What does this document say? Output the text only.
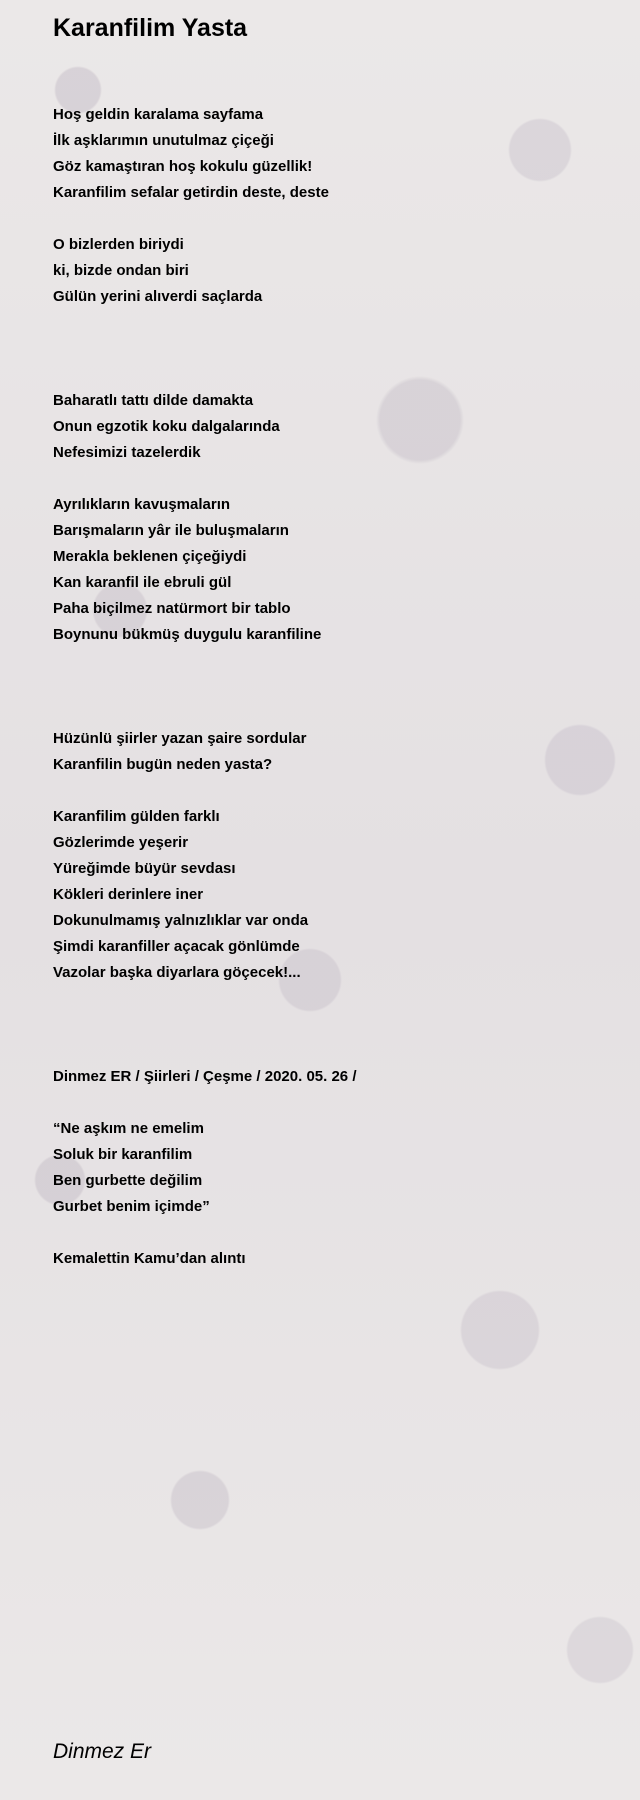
Karanfilim Yasta
Hoş geldin karalama sayfama
İlk aşklarımın unutulmaz çiçeği
Göz kamaştıran hoş kokulu güzellik!
Karanfilim sefalar getirdin deste, deste
O bizlerden biriydi
ki, bizde ondan biri
Gülün yerini alıverdi saçlarda
Baharatlı tattı dilde damakta
Onun egzotik koku dalgalarında
Nefesimizi tazelerdik
Ayrılıkların kavuşmaların
Barışmaların yâr ile buluşmaların
Merakla beklenen çiçeğiydi
Kan karanfil ile ebruli gül
Paha biçilmez natürmort bir tablo
Boynunu bükmüş duygulu karanfiline
Hüzünlü şiirler yazan şaire sordular
Karanfilin bugün neden yasta?
Karanfilim gülden farklı
Gözlerimde yeşerir
Yüreğimde büyür sevdası
Kökleri derinlere iner
Dokunulmamış yalnızlıklar var onda
Şimdi karanfiller açacak gönlümde
Vazolar başka diyarlara göçecek!...
Dinmez ER / Şiirleri / Çeşme / 2020. 05. 26 /
“Ne aşkım ne emelim
Soluk bir karanfilim
Ben gurbette değilim
Gurbet benim içimde”
Kemalettin Kamu’dan alıntı
Dinmez Er
